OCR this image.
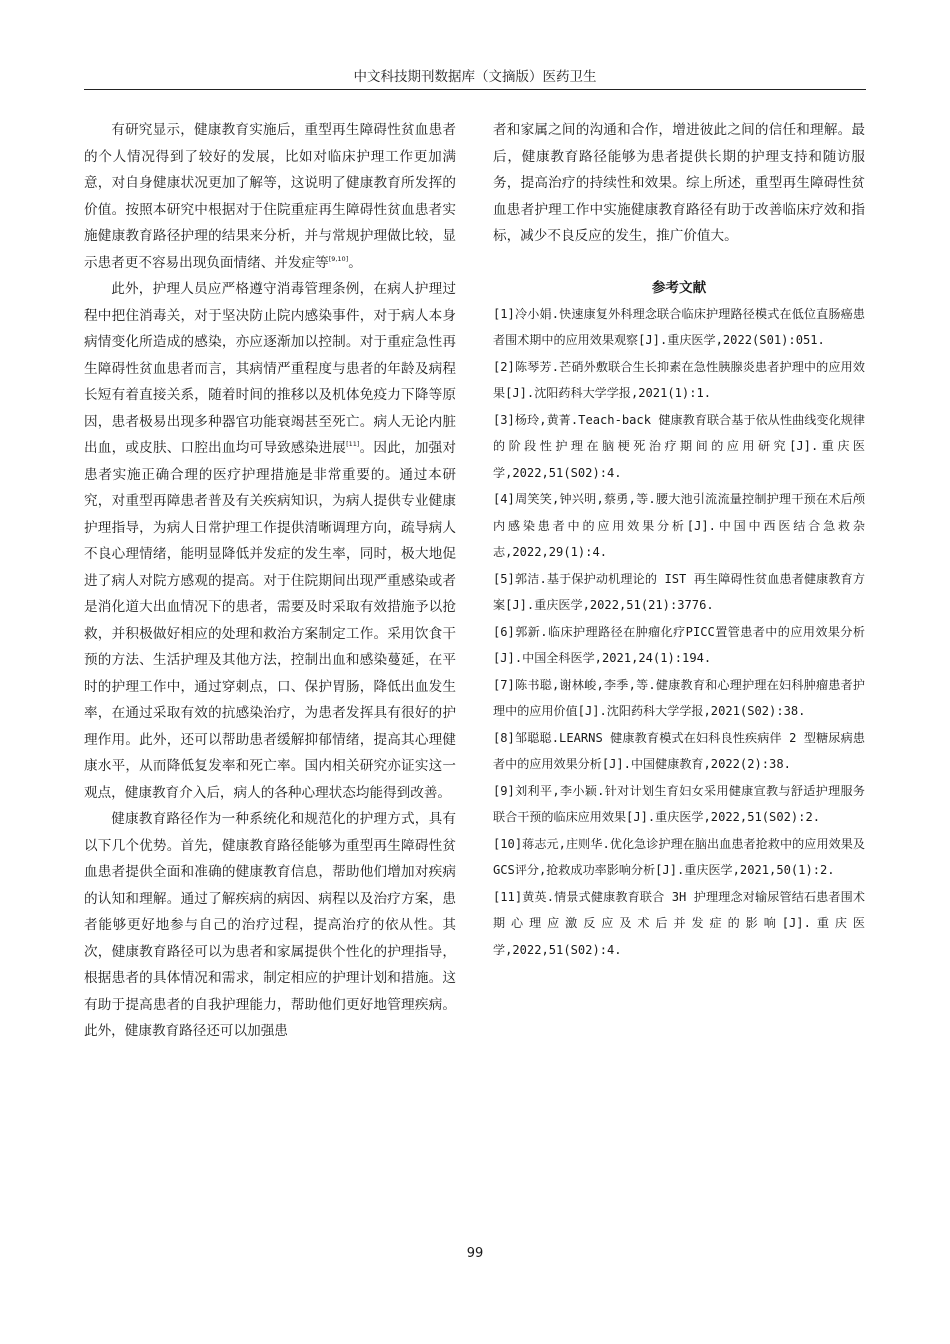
中文科技期刊数据库（文摘版）医药卫生

有研究显示，健康教育实施后，重型再生障碍性贫血患者的个人情况得到了较好的发展，比如对临床护理工作更加满意，对自身健康状况更加了解等，这说明了健康教育所发挥的价值。按照本研究中根据对于住院重症再生障碍性贫血患者实施健康教育路径护理的结果来分析，并与常规护理做比较，显示患者更不容易出现负面情绪、并发症等[9,10]。

此外，护理人员应严格遵守消毒管理条例，在病人护理过程中把住消毒关，对于坚决防止院内感染事件，对于病人本身病情变化所造成的感染，亦应逐渐加以控制。对于重症急性再生障碍性贫血患者而言，其病情严重程度与患者的年龄及病程长短有着直接关系，随着时间的推移以及机体免疫力下降等原因，患者极易出现多种器官功能衰竭甚至死亡。病人无论内脏出血，或皮肤、口腔出血均可导致感染进展[11]。因此，加强对患者实施正确合理的医疗护理措施是非常重要的。通过本研究，对重型再障患者普及有关疾病知识，为病人提供专业健康护理指导，为病人日常护理工作提供清晰调理方向，疏导病人不良心理情绪，能明显降低并发症的发生率，同时，极大地促进了病人对院方感观的提高。对于住院期间出现严重感染或者是消化道大出血情况下的患者，需要及时采取有效措施予以抢救，并积极做好相应的处理和救治方案制定工作。采用饮食干预的方法、生活护理及其他方法，控制出血和感染蔓延，在平时的护理工作中，通过穿刺点，口、保护胃肠，降低出血发生率，在通过采取有效的抗感染治疗，为患者发挥具有很好的护理作用。此外，还可以帮助患者缓解抑郁情绪，提高其心理健康水平，从而降低复发率和死亡率。国内相关研究亦证实这一观点，健康教育介入后，病人的各种心理状态均能得到改善。

健康教育路径作为一种系统化和规范化的护理方式，具有以下几个优势。首先，健康教育路径能够为重型再生障碍性贫血患者提供全面和准确的健康教育信息，帮助他们增加对疾病的认知和理解。通过了解疾病的病因、病程以及治疗方案，患者能够更好地参与自己的治疗过程，提高治疗的依从性。其次，健康教育路径可以为患者和家属提供个性化的护理指导，根据患者的具体情况和需求，制定相应的护理计划和措施。这有助于提高患者的自我护理能力，帮助他们更好地管理疾病。此外，健康教育路径还可以加强患

者和家属之间的沟通和合作，增进彼此之间的信任和理解。最后，健康教育路径能够为患者提供长期的护理支持和随访服务，提高治疗的持续性和效果。综上所述，重型再生障碍性贫血患者护理工作中实施健康教育路径有助于改善临床疗效和指标，减少不良反应的发生，推广价值大。

参考文献
[1]冷小娟.快速康复外科理念联合临床护理路径模式在低位直肠癌患者围术期中的应用效果观察[J].重庆医学,2022(S01):051.
[2]陈琴芳.芒硝外敷联合生长抑素在急性胰腺炎患者护理中的应用效果[J].沈阳药科大学学报,2021(1):1.
[3]杨玲,黄菁.Teach-back 健康教育联合基于依从性曲线变化规律的阶段性护理在脑梗死治疗期间的应用研究[J].重庆医学,2022,51(S02):4.
[4]周笑笑,钟兴明,蔡勇,等.腰大池引流流量控制护理干预在术后颅内感染患者中的应用效果分析[J].中国中西医结合急救杂志,2022,29(1):4.
[5]郭洁.基于保护动机理论的 IST 再生障碍性贫血患者健康教育方案[J].重庆医学,2022,51(21):3776.
[6]郭新.临床护理路径在肿瘤化疗PICC置管患者中的应用效果分析[J].中国全科医学,2021,24(1):194.
[7]陈书聪,谢林峻,李季,等.健康教育和心理护理在妇科肿瘤患者护理中的应用价值[J].沈阳药科大学学报,2021(S02):38.
[8]邹聪聪.LEARNS 健康教育模式在妇科良性疾病伴 2 型糖尿病患者中的应用效果分析[J].中国健康教育,2022(2):38.
[9]刘利平,李小颖.针对计划生育妇女采用健康宣教与舒适护理服务联合干预的临床应用效果[J].重庆医学,2022,51(S02):2.
[10]蒋志元,庄则华.优化急诊护理在脑出血患者抢救中的应用效果及GCS评分,抢救成功率影响分析[J].重庆医学,2021,50(1):2.
[11]黄英.情景式健康教育联合 3H 护理理念对输尿管结石患者围术期心理应激反应及术后并发症的影响[J].重庆医学,2022,51(S02):4.
99
